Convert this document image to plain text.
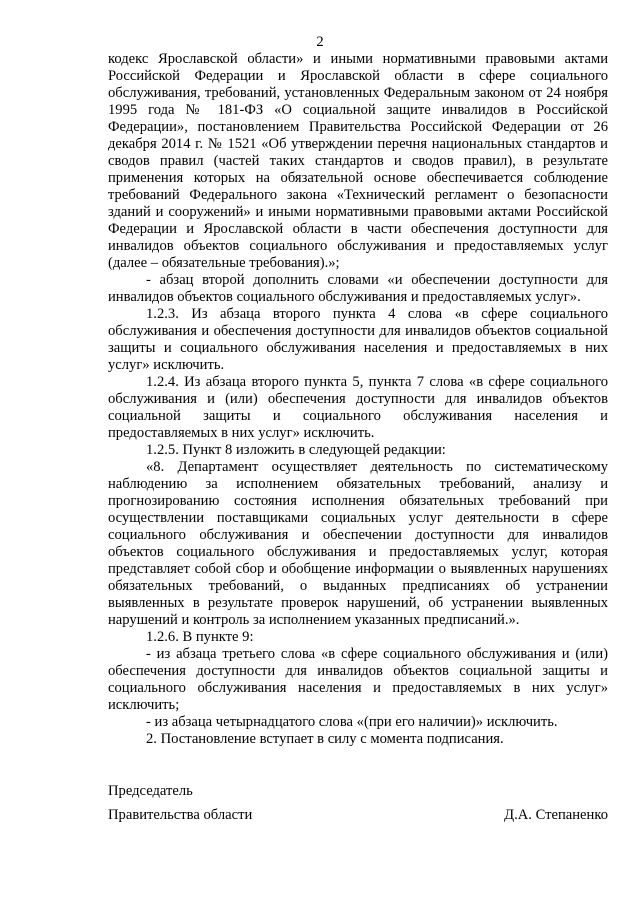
2

кодекс Ярославской области» и иными нормативными правовыми актами Российской Федерации и Ярославской области в сфере социального обслуживания, требований, установленных Федеральным законом от 24 ноября 1995 года № 181-ФЗ «О социальной защите инвалидов в Российской Федерации», постановлением Правительства Российской Федерации от 26 декабря 2014 г. № 1521 «Об утверждении перечня национальных стандартов и сводов правил (частей таких стандартов и сводов правил), в результате применения которых на обязательной основе обеспечивается соблюдение требований Федерального закона «Технический регламент о безопасности зданий и сооружений» и иными нормативными правовыми актами Российской Федерации и Ярославской области в части обеспечения доступности для инвалидов объектов социального обслуживания и предоставляемых услуг (далее – обязательные требования).»;

- абзац второй дополнить словами «и обеспечении доступности для инвалидов объектов социального обслуживания и предоставляемых услуг».

1.2.3. Из абзаца второго пункта 4 слова «в сфере социального обслуживания и обеспечения доступности для инвалидов объектов социальной защиты и социального обслуживания населения и предоставляемых в них услуг» исключить.

1.2.4. Из абзаца второго пункта 5, пункта 7 слова «в сфере социального обслуживания и (или) обеспечения доступности для инвалидов объектов социальной защиты и социального обслуживания населения и предоставляемых в них услуг» исключить.

1.2.5. Пункт 8 изложить в следующей редакции:

«8. Департамент осуществляет деятельность по систематическому наблюдению за исполнением обязательных требований, анализу и прогнозированию состояния исполнения обязательных требований при осуществлении поставщиками социальных услуг деятельности в сфере социального обслуживания и обеспечении доступности для инвалидов объектов социального обслуживания и предоставляемых услуг, которая представляет собой сбор и обобщение информации о выявленных нарушениях обязательных требований, о выданных предписаниях об устранении выявленных в результате проверок нарушений, об устранении выявленных нарушений и контроль за исполнением указанных предписаний.».

1.2.6. В пункте 9:

- из абзаца третьего слова «в сфере социального обслуживания и (или) обеспечения доступности для инвалидов объектов социальной защиты и социального обслуживания населения и предоставляемых в них услуг» исключить;

- из абзаца четырнадцатого слова «(при его наличии)» исключить.

2. Постановление вступает в силу с момента подписания.

Председатель
Правительства области	Д.А. Степаненко
